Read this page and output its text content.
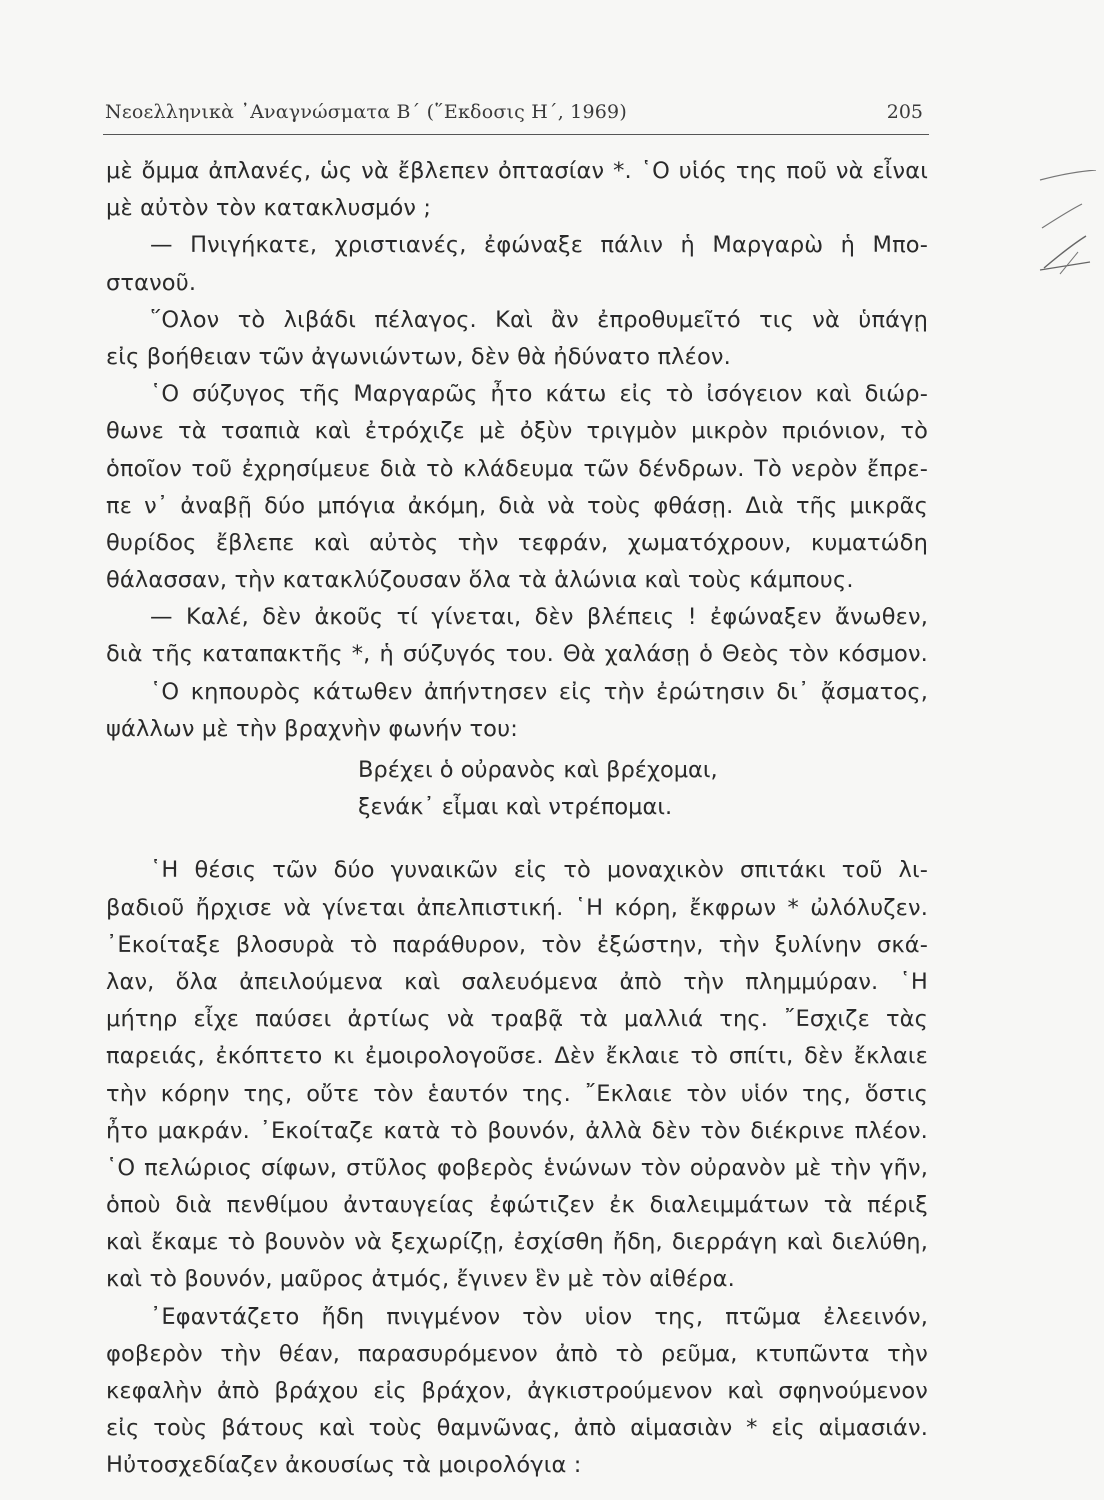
Νεοελληνικὰ ᾿Αναγνώσματα Β΄ (῞Εκδοσις Η΄, 1969)	205
μὲ ὄμμα ἀπλανές, ὡς νὰ ἔβλεπεν ὀπτασίαν *. ῾Ο υἱός της ποῦ νὰ εἶναι
μὲ αὐτὸν τὸν κατακλυσμόν ;
— Πνιγήκατε, χριστιανές, ἐφώναξε πάλιν ἡ Μαργαρὼ ἡ Μπο-
στανοῦ.
῞Ολον τὸ λιβάδι πέλαγος. Καὶ ἂν ἐπροθυμεῖτό τις νὰ ὑπάγῃ
εἰς βοήθειαν τῶν ἀγωνιώντων, δὲν θὰ ἠδύνατο πλέον.
῾Ο σύζυγος τῆς Μαργαρῶς ἦτο κάτω εἰς τὸ ἰσόγειον καὶ διώρ-
θωνε τὰ τσαπιὰ καὶ ἐτρόχιζε μὲ ὀξὺν τριγμὸν μικρὸν πριόνιον, τὸ
ὁποῖον τοῦ ἐχρησίμευε διὰ τὸ κλάδευμα τῶν δένδρων. Τὸ νερὸν ἔπρε-
πε ν᾿ ἀναβῇ δύο μπόγια ἀκόμη, διὰ νὰ τοὺς φθάσῃ. Διὰ τῆς μικρᾶς
θυρίδος ἔβλεπε καὶ αὐτὸς τὴν τεφράν, χωματόχρουν, κυματώδη
θάλασσαν, τὴν κατακλύζουσαν ὅλα τὰ ἁλώνια καὶ τοὺς κάμπους.
— Καλέ, δὲν ἀκοῦς τί γίνεται, δὲν βλέπεις ! ἐφώναξεν ἄνωθεν,
διὰ τῆς καταπακτῆς *, ἡ σύζυγός του. Θὰ χαλάσῃ ὁ Θεὸς τὸν κόσμον.
῾Ο κηπουρὸς κάτωθεν ἀπήντησεν εἰς τὴν ἐρώτησιν δι᾿ ᾄσματος,
ψάλλων μὲ τὴν βραχνὴν φωνήν του:
Βρέχει ὁ οὐρανὸς καὶ βρέχομαι,
ξενάκ᾿ εἶμαι καὶ ντρέπομαι.
῾Η θέσις τῶν δύο γυναικῶν εἰς τὸ μοναχικὸν σπιτάκι τοῦ λι-
βαδιοῦ ἤρχισε νὰ γίνεται ἀπελπιστική. ῾Η κόρη, ἔκφρων * ὠλόλυζεν.
᾿Εκοίταξε βλοσυρὰ τὸ παράθυρον, τὸν ἐξώστην, τὴν ξυλίνην σκά-
λαν, ὅλα ἀπειλούμενα καὶ σαλευόμενα ἀπὸ τὴν πλημμύραν. ῾Η
μήτηρ εἶχε παύσει ἀρτίως νὰ τραβᾷ τὰ μαλλιά της. ῎Εσχιζε τὰς
παρειάς, ἐκόπτετο κι ἐμοιρολογοῦσε. Δὲν ἔκλαιε τὸ σπίτι, δὲν ἔκλαιε
τὴν κόρην της, οὔτε τὸν ἑαυτόν της. ῎Εκλαιε τὸν υἱόν της, ὅστις
ἦτο μακράν. ᾿Εκοίταζε κατὰ τὸ βουνόν, ἀλλὰ δὲν τὸν διέκρινε πλέον.
῾Ο πελώριος σίφων, στῦλος φοβερὸς ἑνώνων τὸν οὐρανὸν μὲ τὴν γῆν,
ὁποὺ διὰ πενθίμου ἀνταυγείας ἐφώτιζεν ἐκ διαλειμμάτων τὰ πέριξ
καὶ ἔκαμε τὸ βουνὸν νὰ ξεχωρίζῃ, ἐσχίσθη ἤδη, διερράγη καὶ διελύθη,
καὶ τὸ βουνόν, μαῦρος ἀτμός, ἔγινεν ἓν μὲ τὸν αἰθέρα.
᾿Εφαντάζετο ἤδη πνιγμένον τὸν υἱον της, πτῶμα ἐλεεινόν,
φοβερὸν τὴν θέαν, παρασυρόμενον ἀπὸ τὸ ρεῦμα, κτυπῶντα τὴν
κεφαλὴν ἀπὸ βράχου εἰς βράχον, ἀγκιστρούμενον καὶ σφηνούμενον
εἰς τοὺς βάτους καὶ τοὺς θαμνῶνας, ἀπὸ αἱμασιὰν * εἰς αἱμασιάν.
Ηὐτοσχεδίαζεν ἀκουσίως τὰ μοιρολόγια :
